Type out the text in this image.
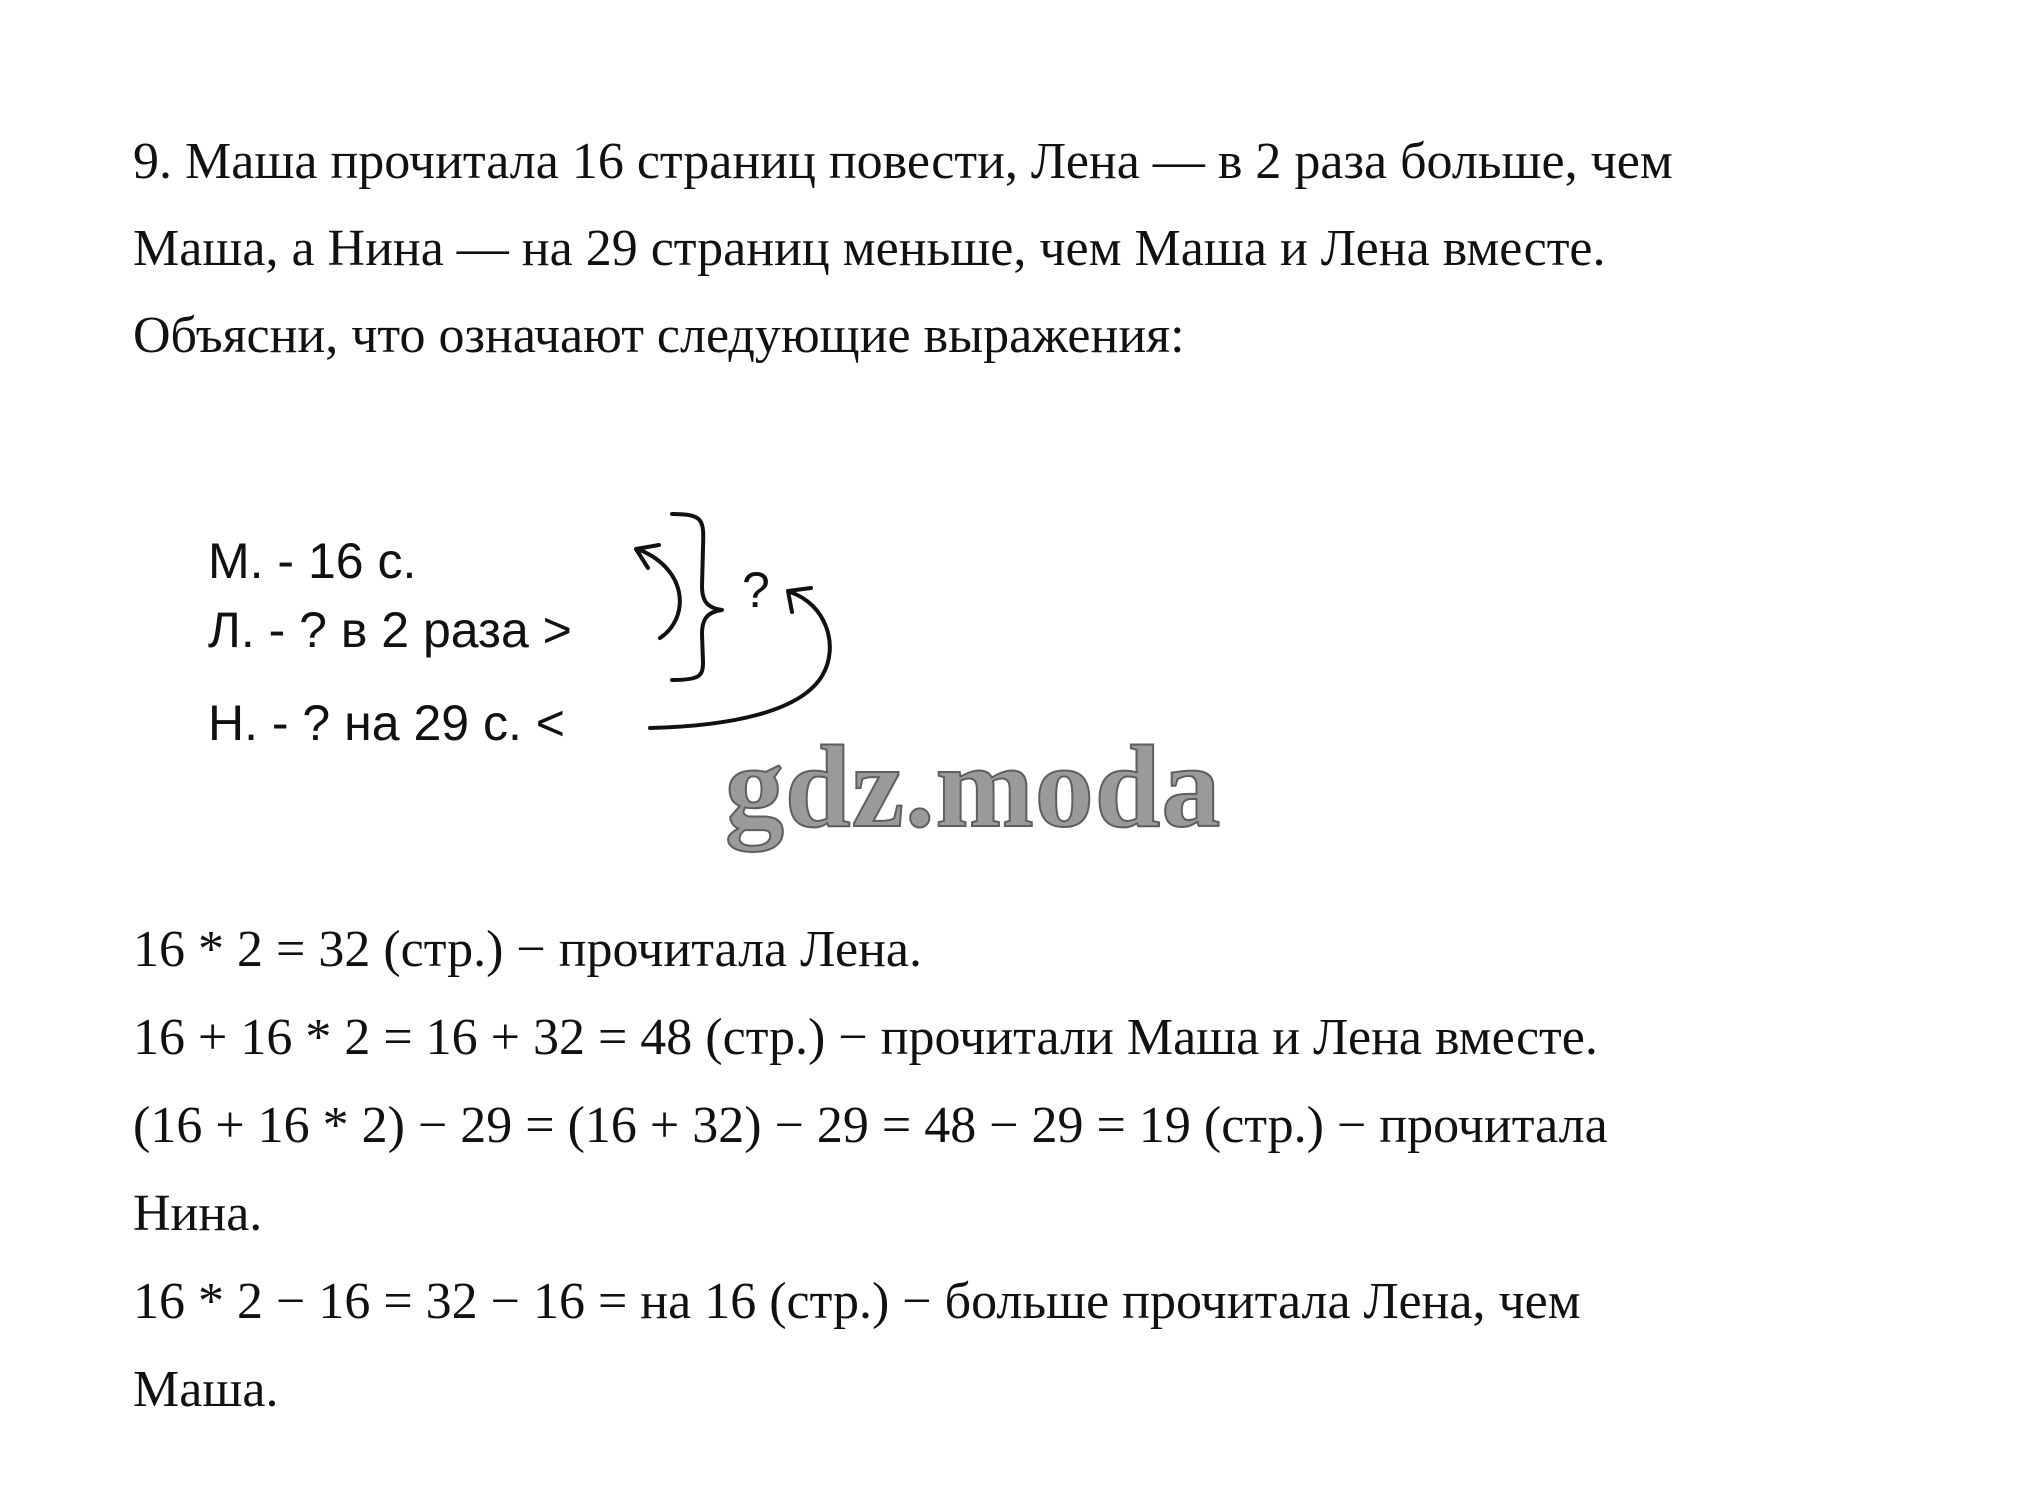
9. Маша прочитала 16 страниц повести, Лена — в 2 раза больше, чем
Маша, а Нина — на 29 страниц меньше, чем Маша и Лена вместе.
Объясни, что означают следующие выражения:
М. - 16 с.
Л. - ? в 2 раза >
Н. - ? на 29 с. <
?
gdz.moda
16 * 2 = 32 (стр.) − прочитала Лена.
16 + 16 * 2 = 16 + 32 = 48 (стр.) − прочитали Маша и Лена вместе.
(16 + 16 * 2) − 29 = (16 + 32) − 29 = 48 − 29 = 19 (стр.) − прочитала
Нина.
16 * 2 − 16 = 32 − 16 = на 16 (стр.) − больше прочитала Лена, чем
Маша.
